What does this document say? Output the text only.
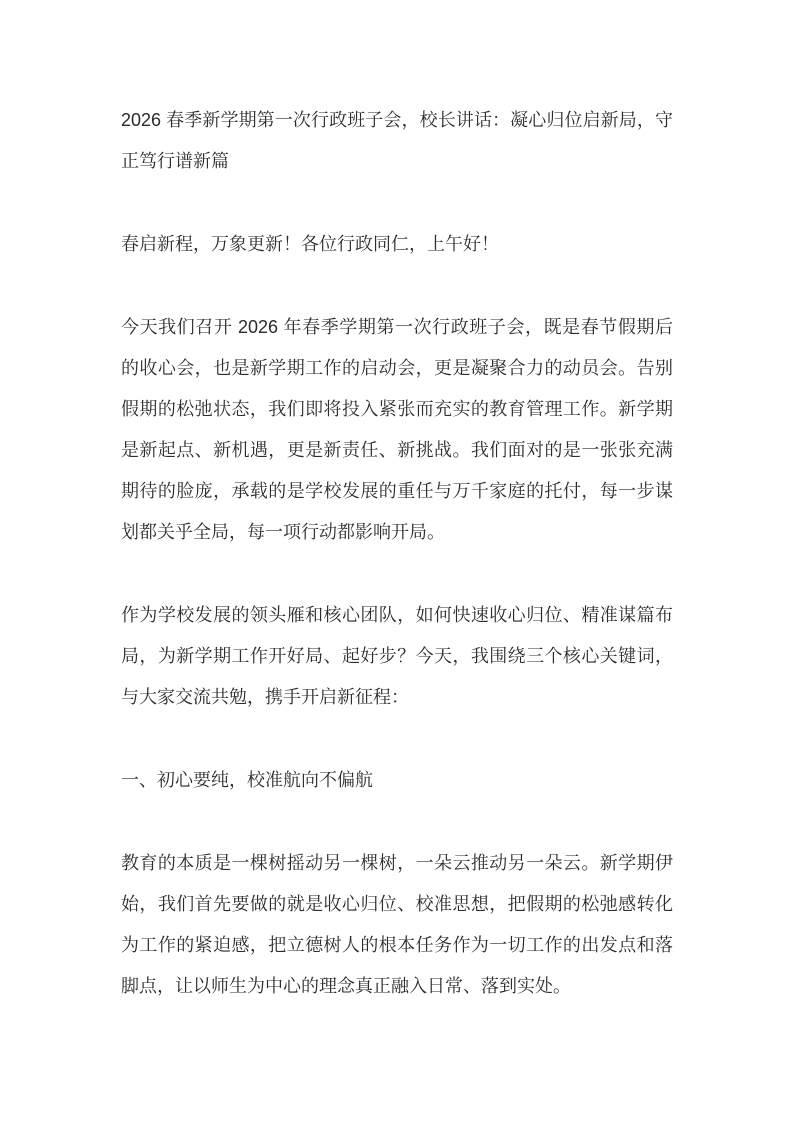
2026 春季新学期第一次行政班子会，校长讲话：凝心归位启新局，守正笃行谱新篇

春启新程，万象更新！各位行政同仁，上午好！

今天我们召开 2026 年春季学期第一次行政班子会，既是春节假期后的收心会，也是新学期工作的启动会，更是凝聚合力的动员会。告别假期的松弛状态，我们即将投入紧张而充实的教育管理工作。新学期是新起点、新机遇，更是新责任、新挑战。我们面对的是一张张充满期待的脸庞，承载的是学校发展的重任与万千家庭的托付，每一步谋划都关乎全局，每一项行动都影响开局。

作为学校发展的领头雁和核心团队，如何快速收心归位、精准谋篇布局，为新学期工作开好局、起好步？今天，我围绕三个核心关键词，与大家交流共勉，携手开启新征程：

一、初心要纯，校准航向不偏航

教育的本质是一棵树摇动另一棵树，一朵云推动另一朵云。新学期伊始，我们首先要做的就是收心归位、校准思想，把假期的松弛感转化为工作的紧迫感，把立德树人的根本任务作为一切工作的出发点和落脚点，让以师生为中心的理念真正融入日常、落到实处。
